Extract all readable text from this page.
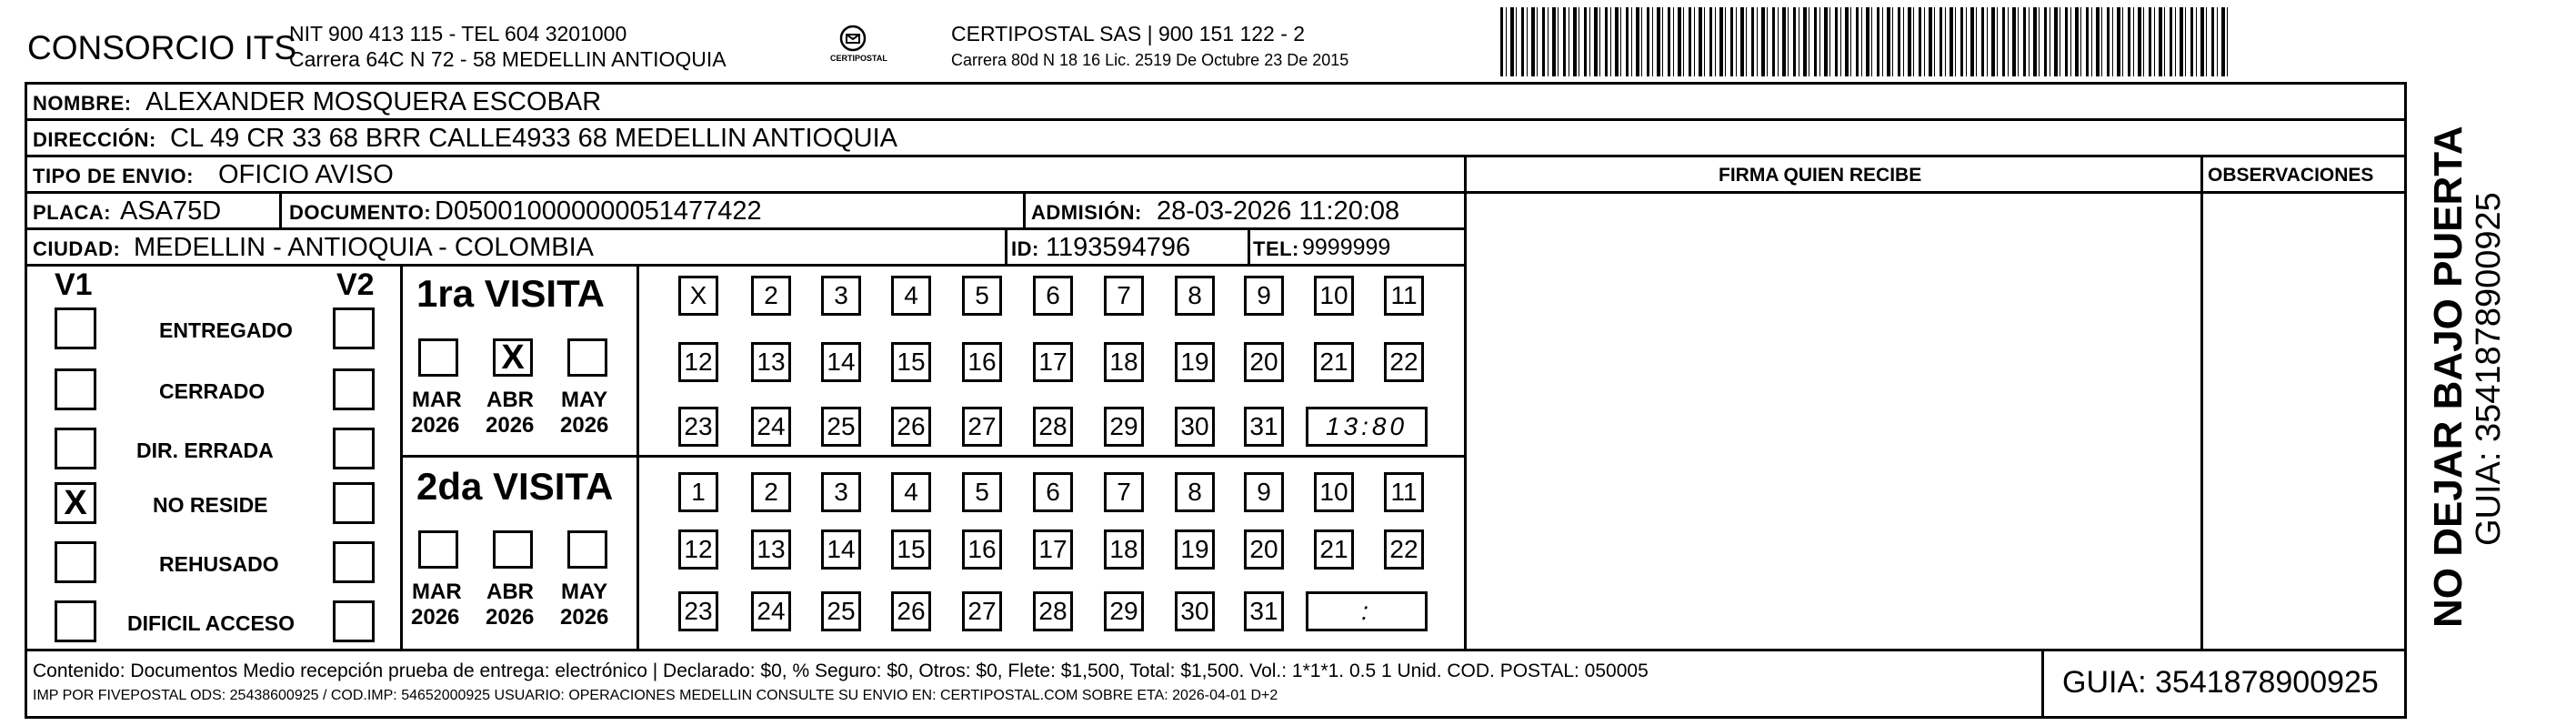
CONSORCIO ITS
NIT 900 413 115 - TEL 604 3201000
Carrera 64C N 72 - 58 MEDELLIN ANTIOQUIA	CERTIPOSTAL
CERTIPOSTAL SAS | 900 151 122 - 2
Carrera 80d N 18 16 Lic. 2519 De Octubre 23 De 2015
NOMBRE: ALEXANDER MOSQUERA ESCOBAR
DIRECCIÓN: CL 49 CR 33 68 BRR CALLE4933 68 MEDELLIN ANTIOQUIA
TIPO DE ENVIO: OFICIO AVISO	FIRMA QUIEN RECIBE	OBSERVACIONES
PLACA: ASA75D	DOCUMENTO: D050010000000051477422	ADMISIÓN: 28-03-2026 11:20:08
CIUDAD: MEDELLIN - ANTIOQUIA - COLOMBIA	ID: 1193594796	TEL: 9999999
V1	V2 1ra VISITA
2da VISITA
Contenido: Documentos Medio recepción prueba de entrega: electrónico | Declarado: $0, % Seguro: $0, Otros: $0, Flete: $1,500, Total: $1,500. Vol.: 1*1*1. 0.5 1 Unid. COD. POSTAL: 050005
IMP POR FIVEPOSTAL ODS: 25438600925 / COD.IMP: 54652000925 USUARIO: OPERACIONES MEDELLIN CONSULTE SU ENVIO EN: CERTIPOSTAL.COM SOBRE ETA: 2026-04-01 D+2	GUIA: 3541878900925
NO DEJAR BAJO PUERTA GUIA: 3541878900925
ENTREGADO
CERRADO
DIR. ERRADA
X	NO RESIDE
REHUSADO
DIFICIL ACCESO
MAR
2026
X
ABR
2026
MAY
2026
MAR
2026
ABR
2026
MAY
2026
X	2	3	4	5	6	7	8	9	10 11
12 13 14 15 16 17 18 19 20 21 22
23 24 25 26 27 28 29 30 31	13:80
1	2	3	4	5	6	7	8	9	10 11
12 13 14 15 16 17 18 19 20 21 22
23 24 25 26 27 28 29 30 31	:
